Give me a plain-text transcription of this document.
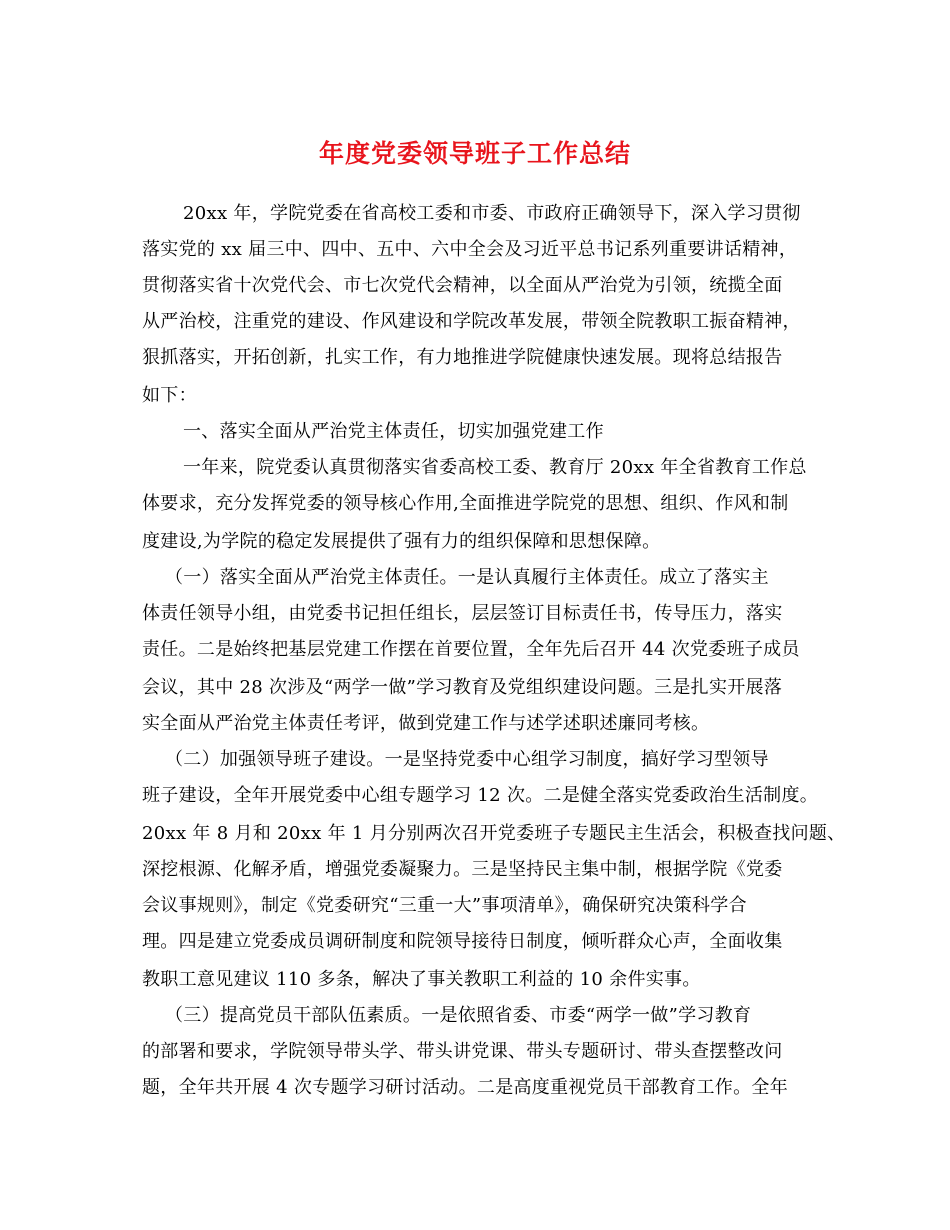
年度党委领导班子工作总结
20xx 年，学院党委在省高校工委和市委、市政府正确领导下，深入学习贯彻
落实党的 xx 届三中、四中、五中、六中全会及习近平总书记系列重要讲话精神，
贯彻落实省十次党代会、市七次党代会精神，以全面从严治党为引领，统揽全面
从严治校，注重党的建设、作风建设和学院改革发展，带领全院教职工振奋精神，
狠抓落实，开拓创新，扎实工作，有力地推进学院健康快速发展。现将总结报告
如下：
一、落实全面从严治党主体责任，切实加强党建工作
一年来，院党委认真贯彻落实省委高校工委、教育厅 20xx 年全省教育工作总
体要求，充分发挥党委的领导核心作用,全面推进学院党的思想、组织、作风和制
度建设,为学院的稳定发展提供了强有力的组织保障和思想保障。
（一）落实全面从严治党主体责任。一是认真履行主体责任。成立了落实主
体责任领导小组，由党委书记担任组长，层层签订目标责任书，传导压力，落实
责任。二是始终把基层党建工作摆在首要位置，全年先后召开 44 次党委班子成员
会议，其中 28 次涉及“两学一做”学习教育及党组织建设问题。三是扎实开展落
实全面从严治党主体责任考评，做到党建工作与述学述职述廉同考核。
（二）加强领导班子建设。一是坚持党委中心组学习制度，搞好学习型领导
班子建设，全年开展党委中心组专题学习 12 次。二是健全落实党委政治生活制度。
20xx 年 8 月和 20xx 年 1 月分别两次召开党委班子专题民主生活会，积极查找问题、
深挖根源、化解矛盾，增强党委凝聚力。三是坚持民主集中制，根据学院《党委
会议事规则》，制定《党委研究“三重一大”事项清单》，确保研究决策科学合
理。四是建立党委成员调研制度和院领导接待日制度，倾听群众心声，全面收集
教职工意见建议 110 多条，解决了事关教职工利益的 10 余件实事。
（三）提高党员干部队伍素质。一是依照省委、市委“两学一做”学习教育
的部署和要求，学院领导带头学、带头讲党课、带头专题研讨、带头查摆整改问
题，全年共开展 4 次专题学习研讨活动。二是高度重视党员干部教育工作。全年
